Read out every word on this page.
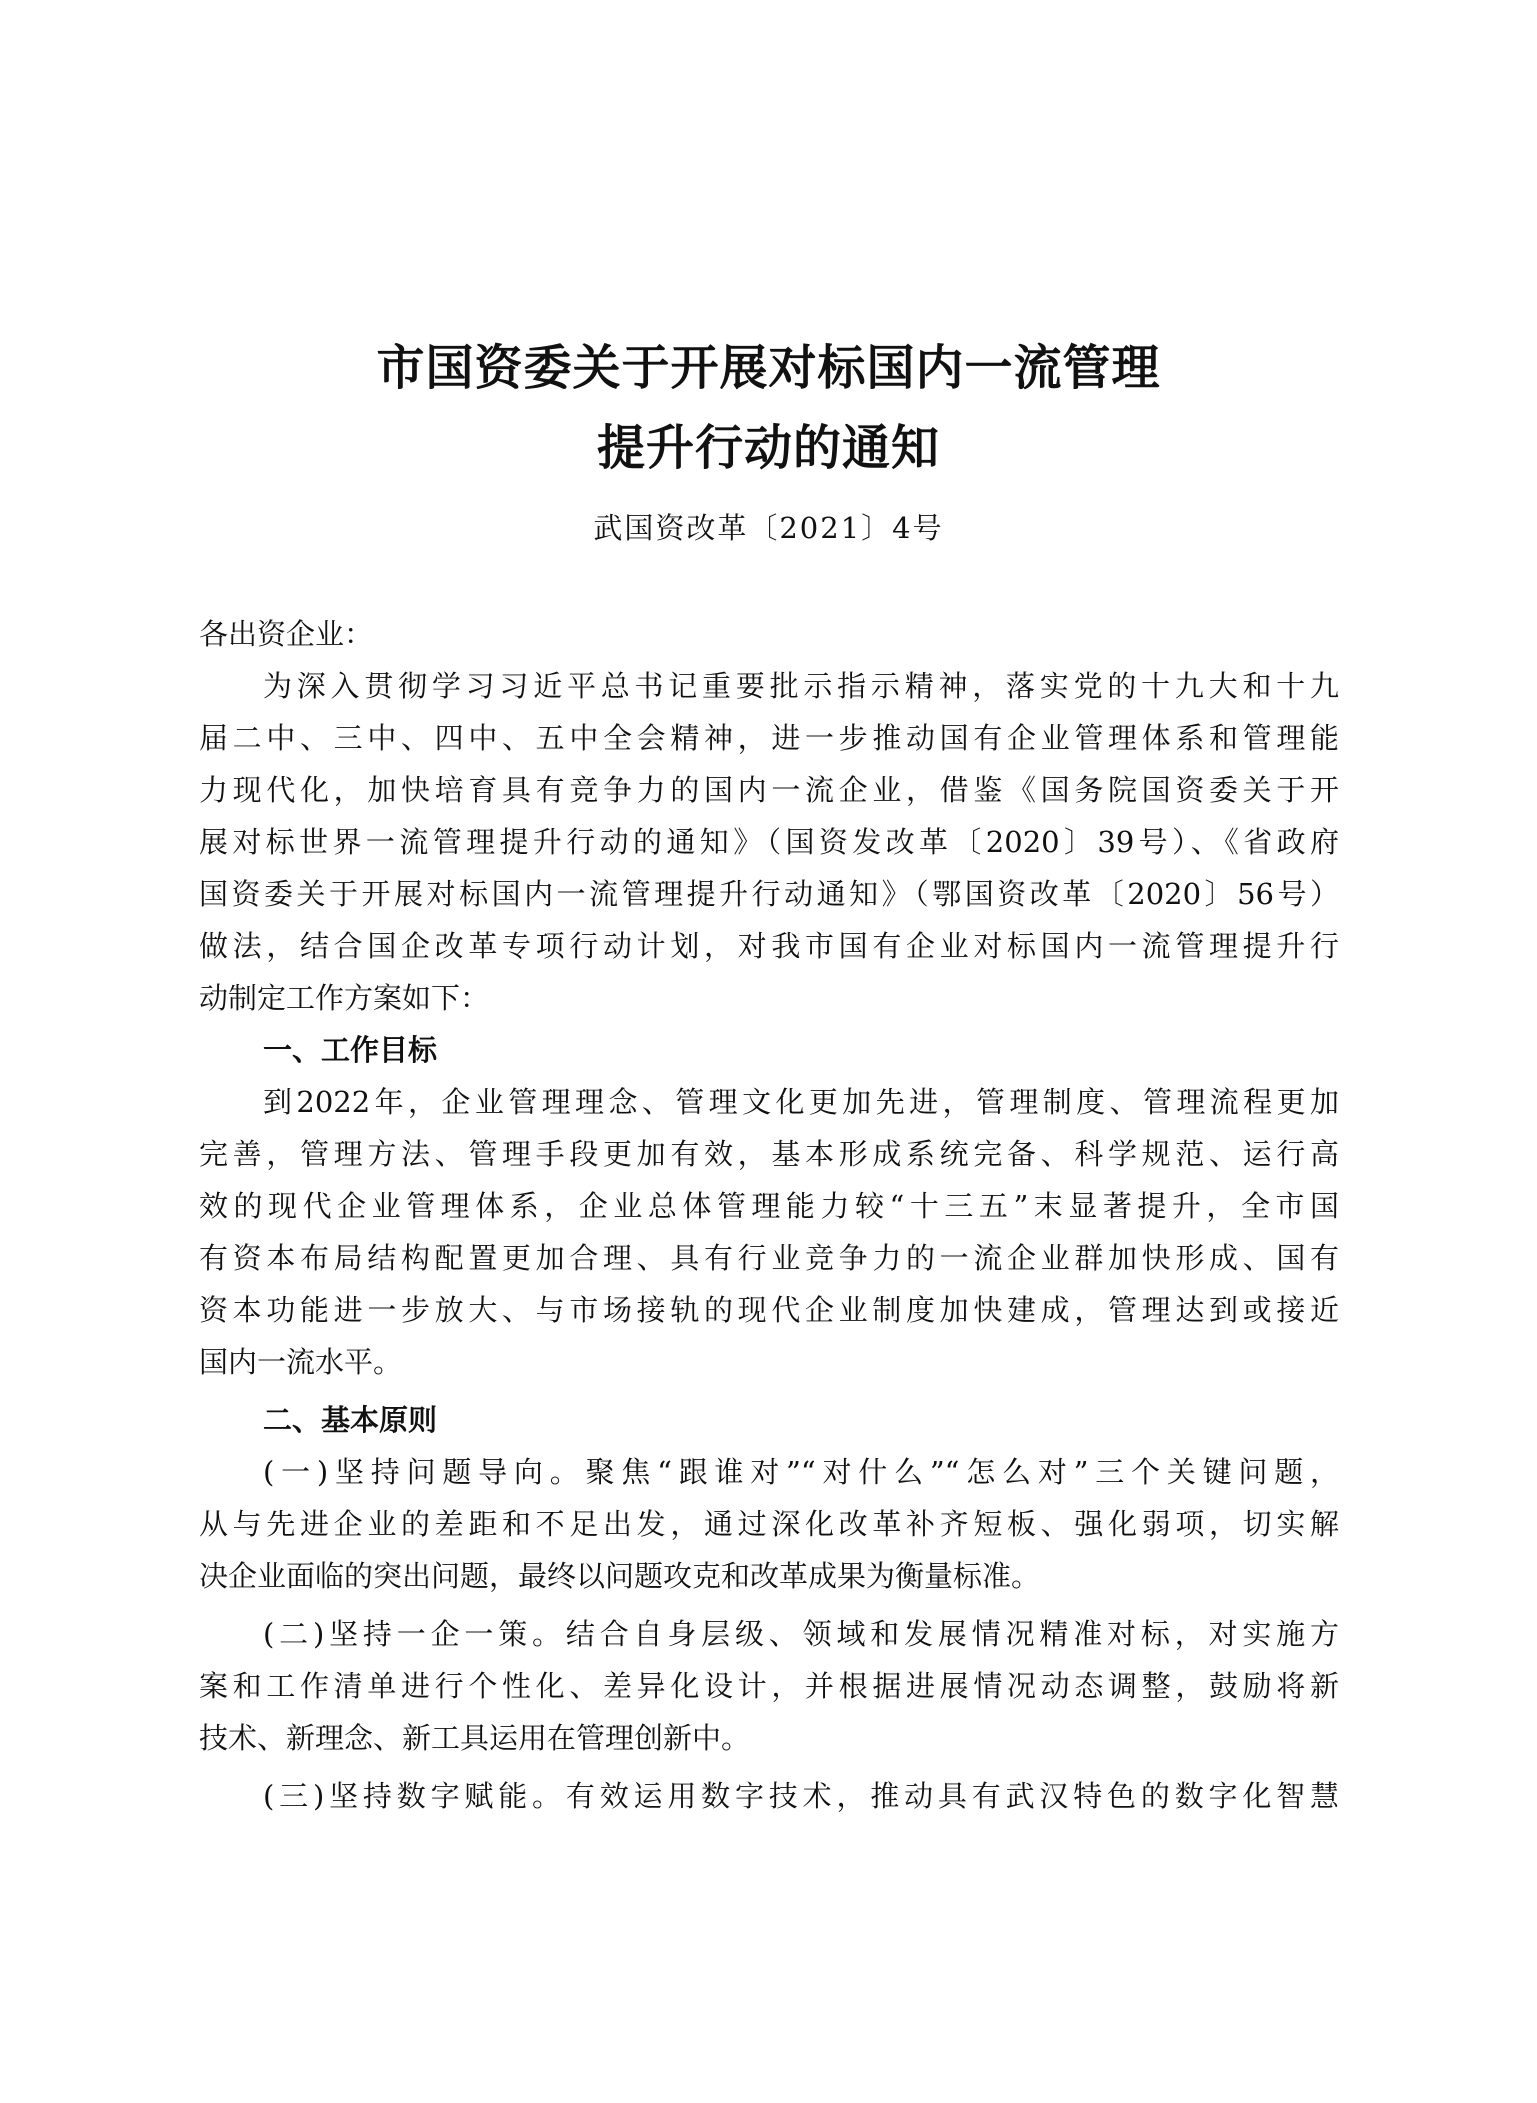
市国资委关于开展对标国内一流管理
提升行动的通知
武国资改革〔2021〕4号
各出资企业：
为深入贯彻学习习近平总书记重要批示指示精神，落实党的十九大和十九
届二中、三中、四中、五中全会精神，进一步推动国有企业管理体系和管理能
力现代化，加快培育具有竞争力的国内一流企业，借鉴《国务院国资委关于开
展对标世界一流管理提升行动的通知》（国资发改革〔2020〕39号）、《省政府
国资委关于开展对标国内一流管理提升行动通知》（鄂国资改革〔2020〕56号）
做法，结合国企改革专项行动计划，对我市国有企业对标国内一流管理提升行
动制定工作方案如下：
一、工作目标
到2022年，企业管理理念、管理文化更加先进，管理制度、管理流程更加
完善，管理方法、管理手段更加有效，基本形成系统完备、科学规范、运行高
效的现代企业管理体系，企业总体管理能力较“十三五”末显著提升，全市国
有资本布局结构配置更加合理、具有行业竞争力的一流企业群加快形成、国有
资本功能进一步放大、与市场接轨的现代企业制度加快建成，管理达到或接近
国内一流水平。
二、基本原则
(一)坚持问题导向。聚焦“跟谁对”“对什么”“怎么对”三个关键问题，
从与先进企业的差距和不足出发，通过深化改革补齐短板、强化弱项，切实解
决企业面临的突出问题，最终以问题攻克和改革成果为衡量标准。
(二)坚持一企一策。结合自身层级、领域和发展情况精准对标，对实施方
案和工作清单进行个性化、差异化设计，并根据进展情况动态调整，鼓励将新
技术、新理念、新工具运用在管理创新中。
(三)坚持数字赋能。有效运用数字技术，推动具有武汉特色的数字化智慧
